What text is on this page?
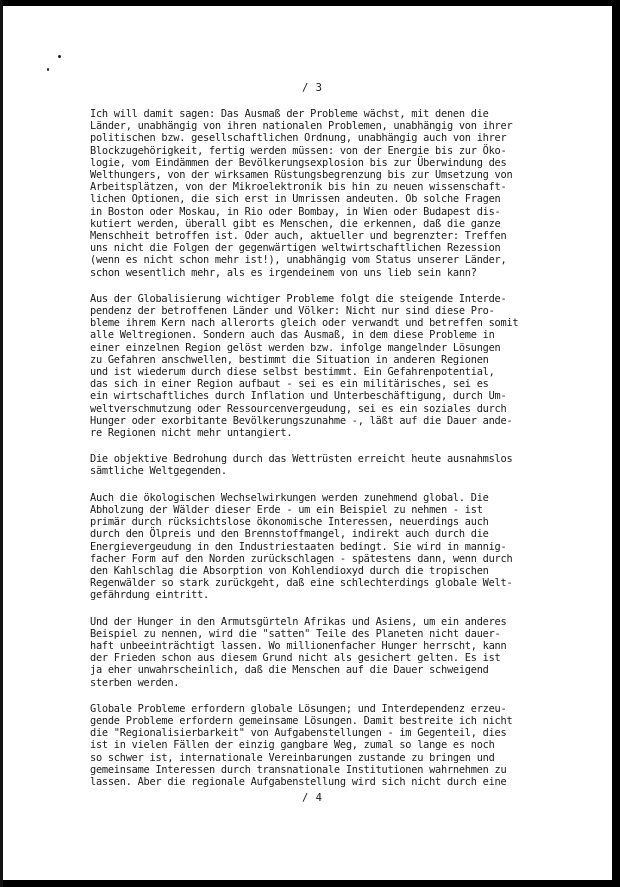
/ 3
Ich will damit sagen: Das Ausmaß der Probleme wächst, mit denen die
Länder, unabhängig von ihren nationalen Problemen, unabhängig von ihrer
politischen bzw. gesellschaftlichen Ordnung, unabhängig auch von ihrer
Blockzugehörigkeit, fertig werden müssen: von der Energie bis zur Öko-
logie, vom Eindämmen der Bevölkerungsexplosion bis zur Überwindung des
Welthungers, von der wirksamen Rüstungsbegrenzung bis zur Umsetzung von
Arbeitsplätzen, von der Mikroelektronik bis hin zu neuen wissenschaft-
lichen Optionen, die sich erst in Umrissen andeuten. Ob solche Fragen
in Boston oder Moskau, in Rio oder Bombay, in Wien oder Budapest dis-
kutiert werden, überall gibt es Menschen, die erkennen, daß die ganze
Menschheit betroffen ist. Oder auch, aktueller und begrenzter: Treffen
uns nicht die Folgen der gegenwärtigen weltwirtschaftlichen Rezession
(wenn es nicht schon mehr ist!), unabhängig vom Status unserer Länder,
schon wesentlich mehr, als es irgendeinem von uns lieb sein kann?
Aus der Globalisierung wichtiger Probleme folgt die steigende Interde-
pendenz der betroffenen Länder und Völker: Nicht nur sind diese Pro-
bleme ihrem Kern nach allerorts gleich oder verwandt und betreffen somit
alle Weltregionen. Sondern auch das Ausmaß, in dem diese Probleme in
einer einzelnen Region gelöst werden bzw. infolge mangelnder Lösungen
zu Gefahren anschwellen, bestimmt die Situation in anderen Regionen
und ist wiederum durch diese selbst bestimmt. Ein Gefahrenpotential,
das sich in einer Region aufbaut - sei es ein militärisches, sei es
ein wirtschaftliches durch Inflation und Unterbeschäftigung, durch Um-
weltverschmutzung oder Ressourcenvergeudung, sei es ein soziales durch
Hunger oder exorbitante Bevölkerungszunahme -, läßt auf die Dauer ande-
re Regionen nicht mehr untangiert.
Die objektive Bedrohung durch das Wettrüsten erreicht heute ausnahmslos
sämtliche Weltgegenden.
Auch die ökologischen Wechselwirkungen werden zunehmend global. Die
Abholzung der Wälder dieser Erde - um ein Beispiel zu nehmen - ist
primär durch rücksichtslose ökonomische Interessen, neuerdings auch
durch den Ölpreis und den Brennstoffmangel, indirekt auch durch die
Energievergeudung in den Industriestaaten bedingt. Sie wird in mannig-
facher Form auf den Norden zurückschlagen - spätestens dann, wenn durch
den Kahlschlag die Absorption von Kohlendioxyd durch die tropischen
Regenwälder so stark zurückgeht, daß eine schlechterdings globale Welt-
gefährdung eintritt.
Und der Hunger in den Armutsgürteln Afrikas und Asiens, um ein anderes
Beispiel zu nennen, wird die "satten" Teile des Planeten nicht dauer-
haft unbeeinträchtigt lassen. Wo millionenfacher Hunger herrscht, kann
der Frieden schon aus diesem Grund nicht als gesichert gelten. Es ist
ja eher unwahrscheinlich, daß die Menschen auf die Dauer schweigend
sterben werden.
Globale Probleme erfordern globale Lösungen; und Interdependenz erzeu-
gende Probleme erfordern gemeinsame Lösungen. Damit bestreite ich nicht
die "Regionalisierbarkeit" von Aufgabenstellungen - im Gegenteil, dies
ist in vielen Fällen der einzig gangbare Weg, zumal so lange es noch
so schwer ist, internationale Vereinbarungen zustande zu bringen und
gemeinsame Interessen durch transnationale Institutionen wahrnehmen zu
lassen. Aber die regionale Aufgabenstellung wird sich nicht durch eine
/ 4
